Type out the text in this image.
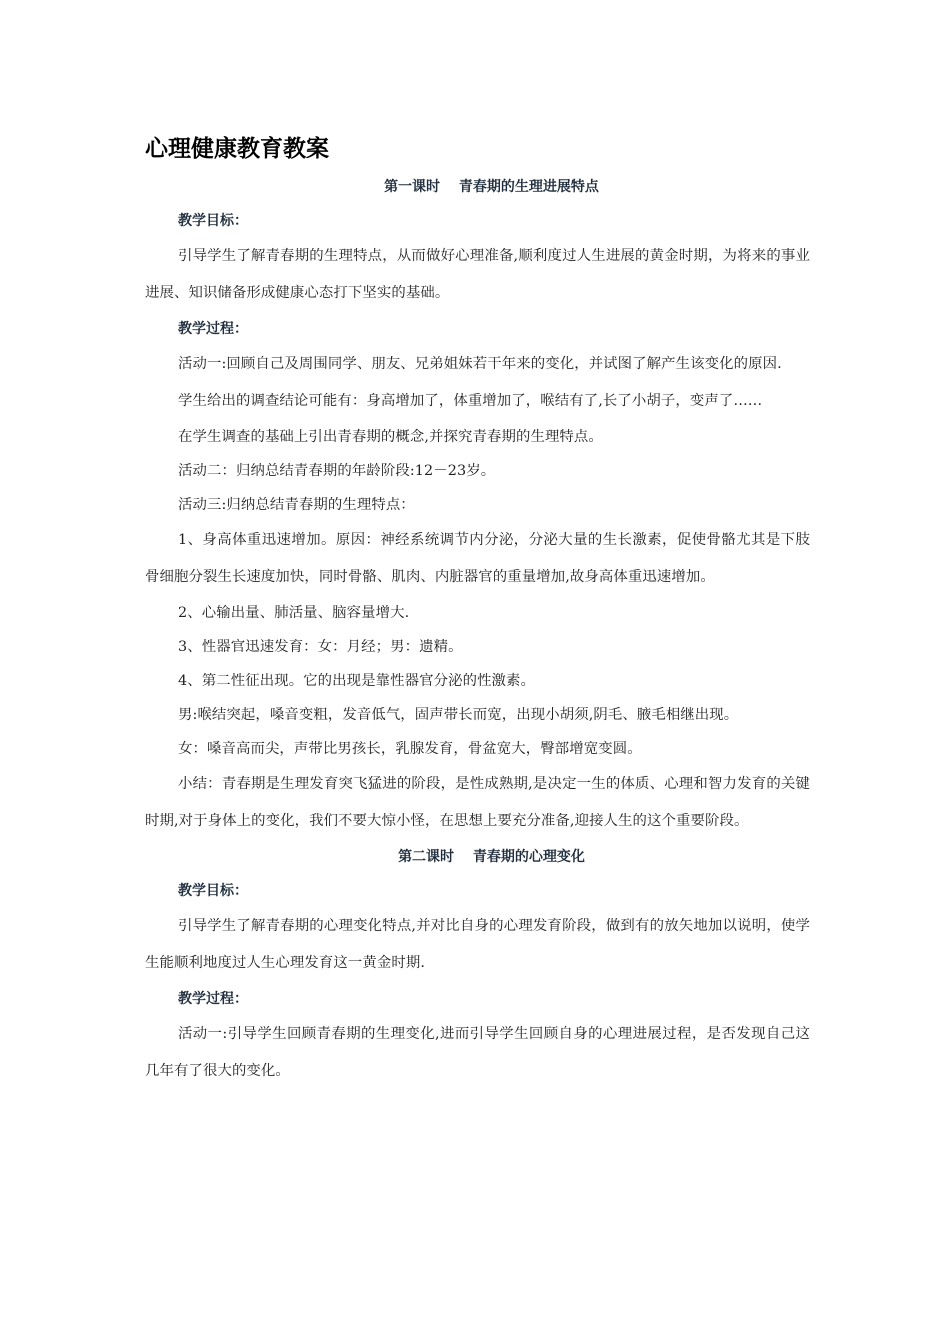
心理健康教育教案
第一课时　 青春期的生理进展特点
教学目标：

引导学生了解青春期的生理特点，从而做好心理准备,顺利度过人生进展的黄金时期，为将来的事业进展、知识储备形成健康心态打下坚实的基础。

教学过程：

活动一:回顾自己及周围同学、朋友、兄弟姐妹若干年来的变化，并试图了解产生该变化的原因.

学生给出的调查结论可能有：身高增加了，体重增加了，喉结有了,长了小胡子，变声了……

在学生调查的基础上引出青春期的概念,并探究青春期的生理特点。

活动二：归纳总结青春期的年龄阶段:12－23岁。

活动三:归纳总结青春期的生理特点：

1、身高体重迅速增加。原因：神经系统调节内分泌，分泌大量的生长激素，促使骨骼尤其是下肢骨细胞分裂生长速度加快，同时骨骼、肌肉、内脏器官的重量增加,故身高体重迅速增加。

2、心输出量、肺活量、脑容量增大.

3、性器官迅速发育：女：月经；男：遗精。

4、第二性征出现。它的出现是靠性器官分泌的性激素。

男:喉结突起，嗓音变粗，发音低气，固声带长而宽，出现小胡须,阴毛、腋毛相继出现。

女：嗓音高而尖，声带比男孩长，乳腺发育，骨盆宽大，臀部增宽变圆。

小结：青春期是生理发育突飞猛进的阶段，是性成熟期,是决定一生的体质、心理和智力发育的关键时期,对于身体上的变化，我们不要大惊小怪，在思想上要充分准备,迎接人生的这个重要阶段。

第二课时　 青春期的心理变化
教学目标：

引导学生了解青春期的心理变化特点,并对比自身的心理发育阶段，做到有的放矢地加以说明，使学生能顺利地度过人生心理发育这一黄金时期.

教学过程：

活动一:引导学生回顾青春期的生理变化,进而引导学生回顾自身的心理进展过程，是否发现自己这几年有了很大的变化。
